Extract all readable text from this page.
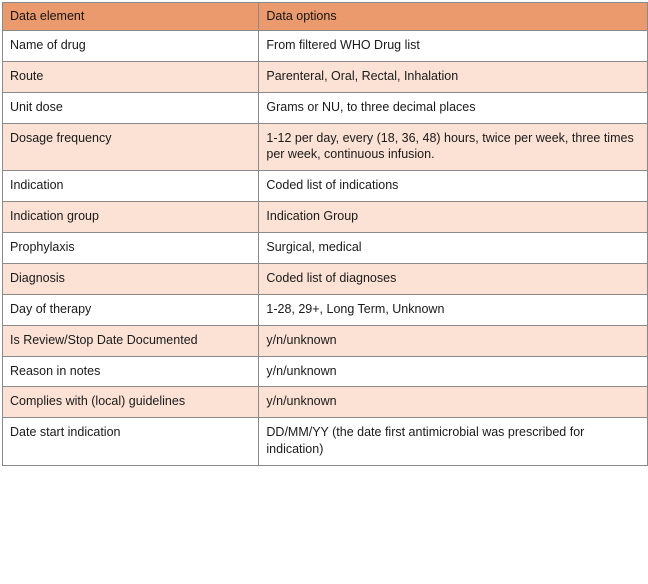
Data element	Data options
Name of drug	From filtered WHO Drug list
Route	Parenteral, Oral, Rectal, Inhalation
Unit dose	Grams or NU, to three decimal places
Dosage frequency	1-12 per day, every (18, 36, 48) hours, twice per week, three times per week, continuous infusion.
Indication	Coded list of indications
Indication group	Indication Group
Prophylaxis	Surgical, medical
Diagnosis	Coded list of diagnoses
Day of therapy	1-28, 29+, Long Term, Unknown
Is Review/Stop Date Documented	y/n/unknown
Reason in notes	y/n/unknown
Complies with (local) guidelines	y/n/unknown
Date start indication	DD/MM/YY (the date first antimicrobial was prescribed for indication)
